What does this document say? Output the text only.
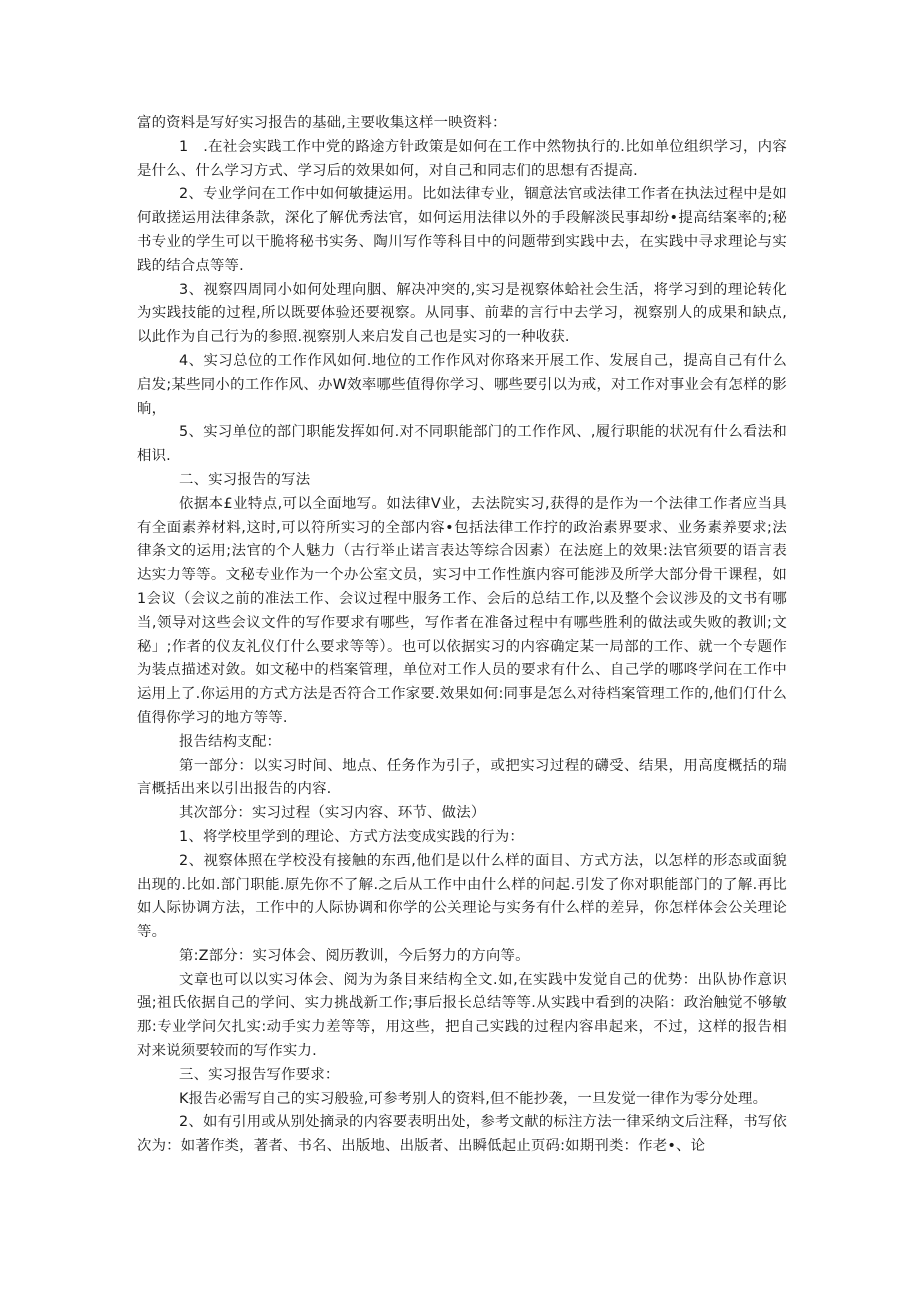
富的资料是写好实习报告的基础,主要收集这样一映资料：

1　.在社会实践工作中党的路途方针政策是如何在工作中然物执行的.比如单位组织学习，内容是什么、什么学习方式、学习后的效果如何，对自己和同志们的思想有否提高.

2、专业学问在工作中如何敏捷运用。比如法律专业，锢意法官或法律工作者在执法过程中是如何敢搓运用法律条款，深化了解优秀法官，如何运用法律以外的手段解淡民事却纷•提高结案率的;秘书专业的学生可以干脆将秘书实务、陶川写作等科目中的问题带到实践中去，在实践中寻求理论与实践的结合点等等.

3、视察四周同小如何处理向胭、解决冲突的,实习是视察体蛤社会生活，将学习到的理论转化为实践技能的过程,所以既要体验还要视察。从同事、前辈的言行中去学习，视察别人的成果和缺点,以此作为自己行为的参照.视察别人来启发自己也是实习的一种收获.

4、实习总位的工作作风如何.地位的工作作风对你珞来开展工作、发展自己，提高自己有什么启发;某些同小的工作作风、办W效率哪些值得你学习、哪些要引以为戒，对工作对事业会有怎样的影晌，

5、实习单位的部门职能发挥如何.对不同职能部门的工作作风、,履行职能的状况有什么看法和相识.

二、实习报告的写法

依据本£业特点,可以全面地写。如法律V业，去法院实习,获得的是作为一个法律工作者应当具有全面素养材料,这时,可以符所实习的全部内容•包括法律工作拧的政治素界要求、业务素养要求;法律条文的运用;法官的个人魅力（古行举止诺言表达等综合因素）在法庭上的效果:法官须要的语言表达实力等等。文秘专业作为一个办公室文员，实习中工作性旗内容可能涉及所学大部分骨干课程，如1会议（会议之前的准法工作、会议过程中服务工作、会后的总结工作,以及整个会议涉及的文书有哪当,领导对这些会议文件的写作要求有哪些，写作者在准备过程中有哪些胜利的做法或失败的教训;文秘」;作者的仪友礼仪仃什么要求等等）。也可以依据实习的内容确定某一局部的工作、就一个专题作为装点描述对敛。如文秘中的档案管理，单位对工作人员的要求有什么、自己学的哪咚学问在工作中运用上了.你运用的方式方法是否符合工作家要.效果如何:同事是怎么对待档案管理工作的,他们仃什么值得你学习的地方等等.

报告结构支配：

第一部分：以实习时间、地点、任务作为引子，或把实习过程的礴受、结果，用高度概括的瑞言概括出来以引出报告的内容.

其次部分：实习过程（实习内容、环节、做法）

1、将学校里学到的理论、方式方法变成实践的行为：

2、视察体照在学校没有接触的东西,他们是以什么样的面目、方式方法，以怎样的形态或面貌出现的.比如.部门职能.原先你不了解.之后从工作中由什么样的问起.引发了你对职能部门的了解.再比如人际协调方法，工作中的人际协调和你学的公关理论与实务有什么样的差异，你怎样体会公关理论等。

第:Z部分：实习体会、阅历教训，今后努力的方向等。

文章也可以以实习体会、阅为为条目来结构全文.如,在实践中发觉自己的优势：出队协作意识强;祖氏依据自己的学问、实力挑战新工作;事后报长总结等等.从实践中看到的决陷：政治触觉不够敏那:专业学问欠扎实:动手实力差等等，用这些，把自己实践的过程内容串起来，不过，这样的报告相对来说须要较而的写作实力.

三、实习报告写作要求：

K报告必需写自己的实习般验,可参考别人的资料,但不能抄袭，一旦发觉一律作为零分处理。

2、如有引用或从别处摘录的内容要表明出处，参考文献的标注方法一律采纳文后注释，书写依次为：如著作类，著者、书名、出版地、出版者、出瞬低起止页码:如期刊类：作老•、论
